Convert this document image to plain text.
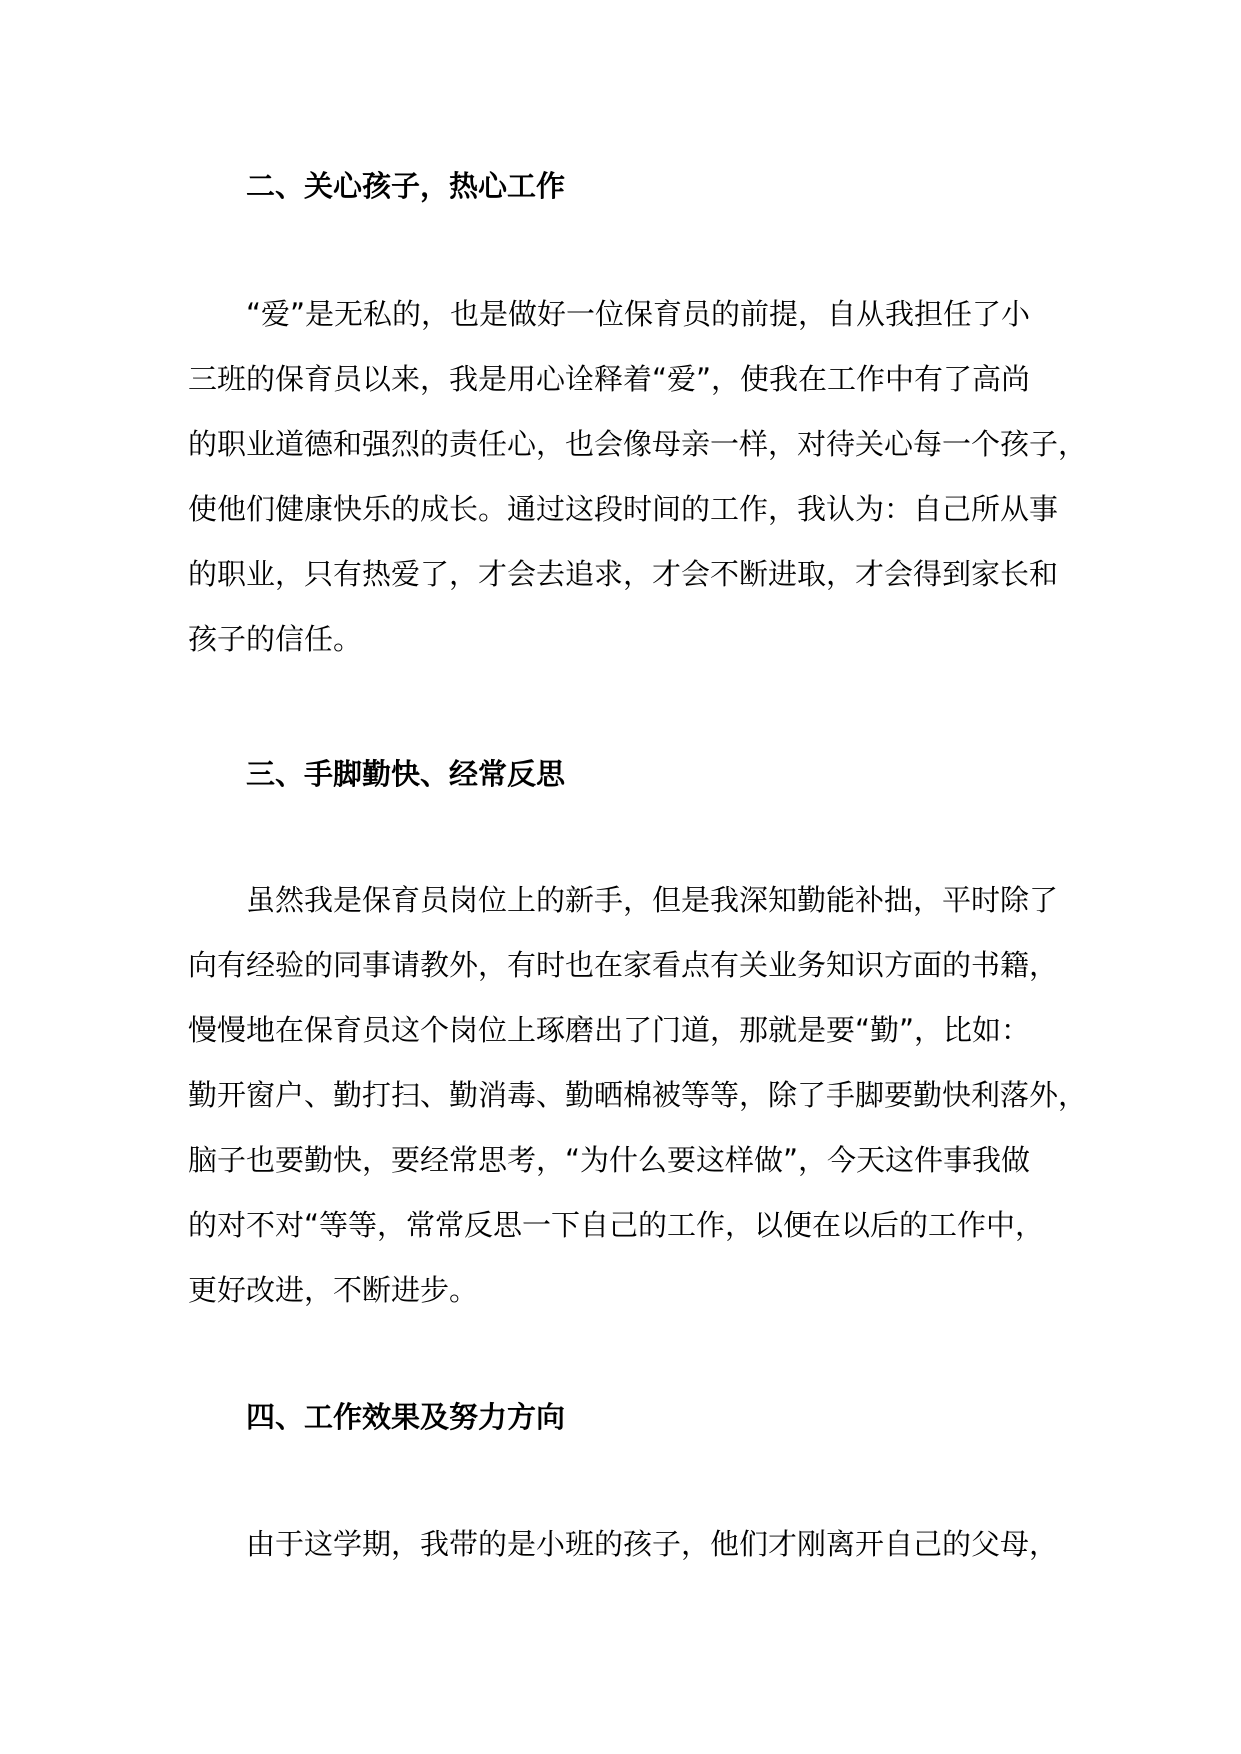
二、关心孩子，热心工作
“爱”是无私的，也是做好一位保育员的前提，自从我担任了小
三班的保育员以来，我是用心诠释着“爱”，使我在工作中有了高尚
的职业道德和强烈的责任心，也会像母亲一样，对待关心每一个孩子，
使他们健康快乐的成长。通过这段时间的工作，我认为：自己所从事
的职业，只有热爱了，才会去追求，才会不断进取，才会得到家长和
孩子的信任。
三、手脚勤快、经常反思
虽然我是保育员岗位上的新手，但是我深知勤能补拙，平时除了
向有经验的同事请教外，有时也在家看点有关业务知识方面的书籍，
慢慢地在保育员这个岗位上琢磨出了门道，那就是要“勤”，比如：
勤开窗户、勤打扫、勤消毒、勤晒棉被等等，除了手脚要勤快利落外，
脑子也要勤快，要经常思考，“为什么要这样做”，今天这件事我做
的对不对“等等，常常反思一下自己的工作，以便在以后的工作中，
更好改进，不断进步。
四、工作效果及努力方向
由于这学期，我带的是小班的孩子，他们才刚离开自己的父母，
